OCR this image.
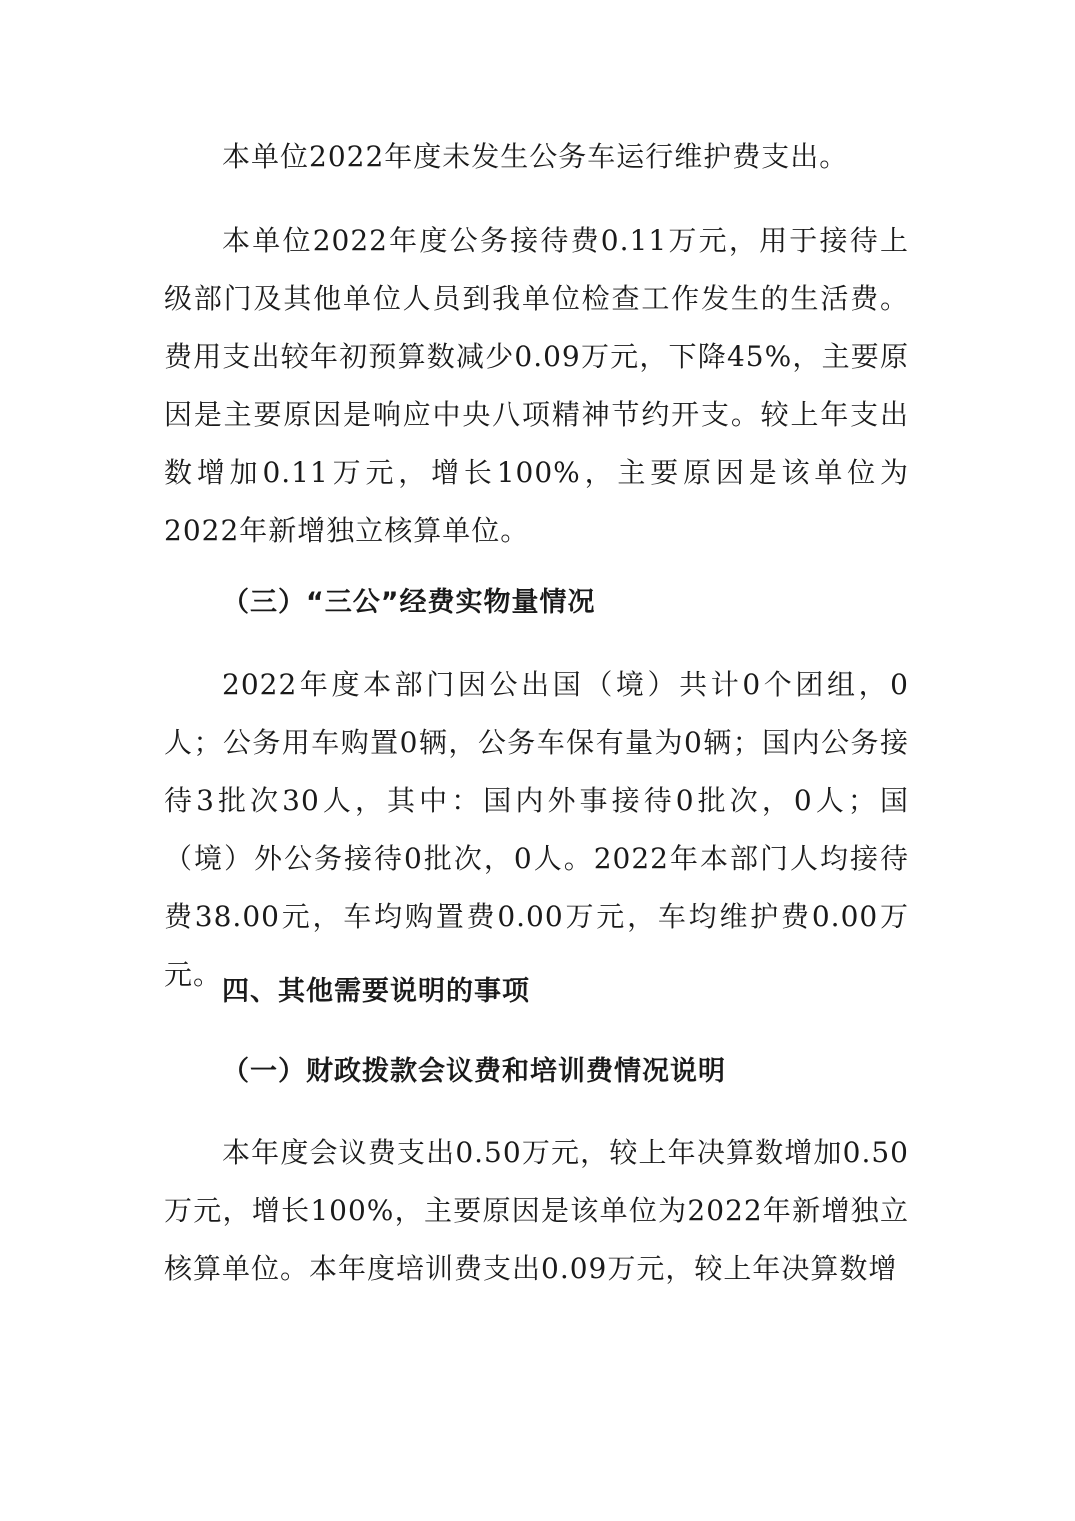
本单位2022年度未发生公务车运行维护费支出。

本单位2022年度公务接待费0.11万元，用于接待上级部门及其他单位人员到我单位检查工作发生的生活费。费用支出较年初预算数减少0.09万元，下降45%，主要原因是主要原因是响应中央八项精神节约开支。较上年支出数增加0.11万元，增长100%，主要原因是该单位为2022年新增独立核算单位。

（三）“三公”经费实物量情况

2022年度本部门因公出国（境）共计0个团组，0人；公务用车购置0辆，公务车保有量为0辆；国内公务接待3批次30人，其中：国内外事接待0批次，0人；国（境）外公务接待0批次，0人。2022年本部门人均接待费38.00元，车均购置费0.00万元，车均维护费0.00万元。

四、其他需要说明的事项

（一）财政拨款会议费和培训费情况说明

本年度会议费支出0.50万元，较上年决算数增加0.50万元，增长100%，主要原因是该单位为2022年新增独立核算单位。本年度培训费支出0.09万元，较上年决算数增
